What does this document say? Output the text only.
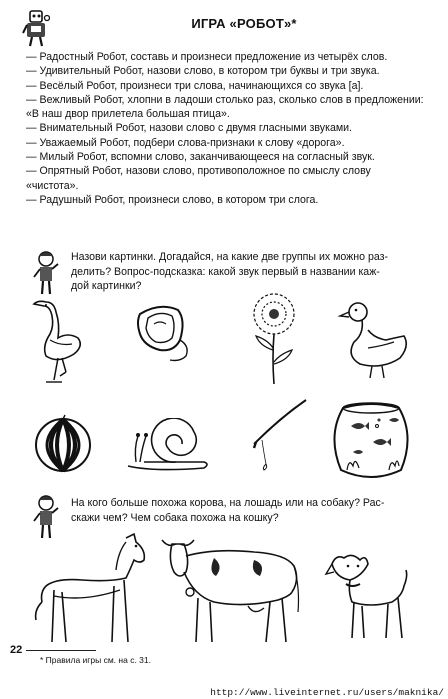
ИГРА «РОБОТ»*

— Радостный Робот, составь и произнеси предложение из четырёх слов.

— Удивительный Робот, назови слово, в котором три буквы и три звука.

— Весёлый Робот, произнеси три слова, начинающихся со звука [а].

— Вежливый Робот, хлопни в ладоши столько раз, сколько слов в предложении: «В наш двор прилетела большая птица».

— Внимательный Робот, назови слово с двумя гласными звуками.

— Уважаемый Робот, подбери слова-признаки к слову «дорога».

— Милый Робот, вспомни слово, заканчивающееся на согласный звук.

— Опрятный Робот, назови слово, противоположное по смыслу слову «чистота».

— Радушный Робот, произнеси слово, в котором три слога.

Назови картинки. Догадайся, на какие две группы их можно раз-
делить? Вопрос-подсказка: какой звук первый в названии каж-
дой картинки?
На кого больше похожа корова, на лошадь или на собаку? Рас-
скажи чем? Чем собака похожа на кошку?
22
* Правила игры см. на с. 31.
http://www.liveinternet.ru/users/maknika/
